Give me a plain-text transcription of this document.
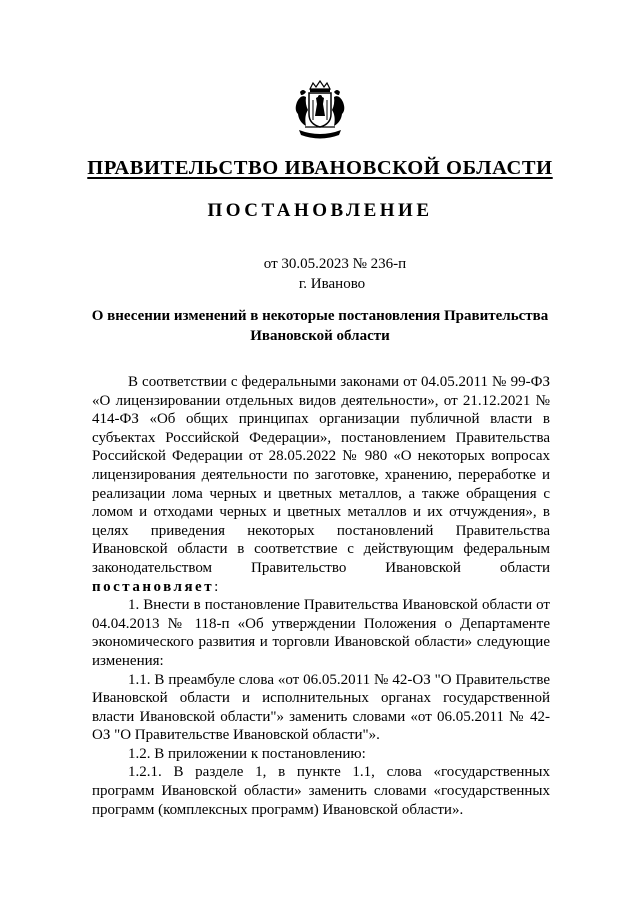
ПРАВИТЕЛЬСТВО ИВАНОВСКОЙ ОБЛАСТИ
ПОСТАНОВЛЕНИЕ
от 30.05.2023 № 236-п
г. Иваново
О внесении изменений в некоторые постановления Правительства Ивановской области

В соответствии с федеральными законами от 04.05.2011 № 99-ФЗ «О лицензировании отдельных видов деятельности», от 21.12.2021 № 414-ФЗ «Об общих принципах организации публичной власти в субъектах Российской Федерации», постановлением Правительства Российской Федерации от 28.05.2022 № 980 «О некоторых вопросах лицензирования деятельности по заготовке, хранению, переработке и реализации лома черных и цветных металлов, а также обращения с ломом и отходами черных и цветных металлов и их отчуждения», в целях приведения некоторых постановлений Правительства Ивановской области в соответствие с действующим федеральным законодательством Правительство Ивановской области постановляет:

1. Внести в постановление Правительства Ивановской области от 04.04.2013 № 118-п «Об утверждении Положения о Департаменте экономического развития и торговли Ивановской области» следующие изменения:

1.1. В преамбуле слова «от 06.05.2011 № 42-ОЗ "О Правительстве Ивановской области и исполнительных органах государственной власти Ивановской области"» заменить словами «от 06.05.2011 № 42-ОЗ "О Правительстве Ивановской области"».

1.2. В приложении к постановлению:

1.2.1. В разделе 1, в пункте 1.1, слова «государственных программ Ивановской области» заменить словами «государственных программ (комплексных программ) Ивановской области».
